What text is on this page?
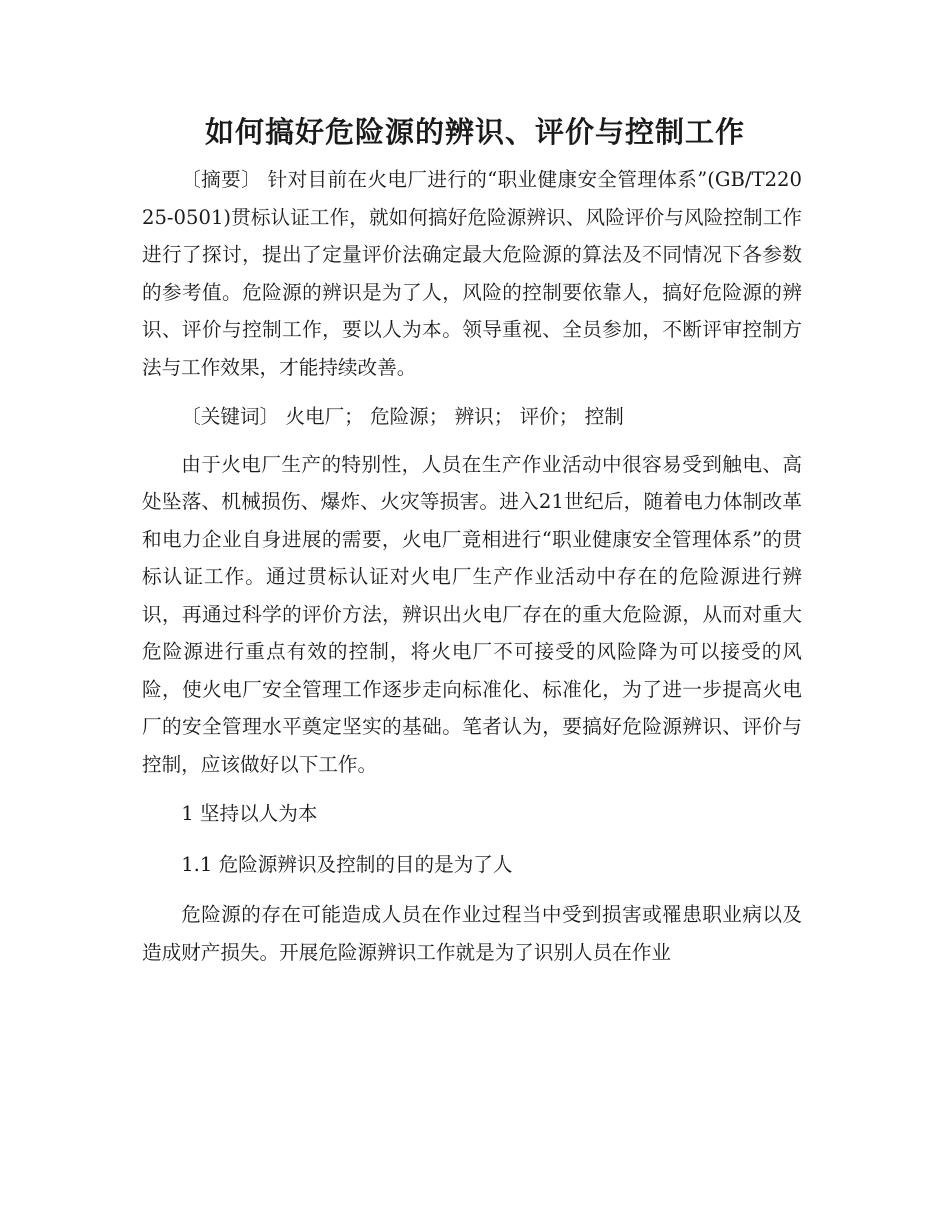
如何搞好危险源的辨识、评价与控制工作

〔摘要〕 针对目前在火电厂进行的“职业健康安全管理体系”(GB/T22025-0501)贯标认证工作，就如何搞好危险源辨识、风险评价与风险控制工作进行了探讨，提出了定量评价法确定最大危险源的算法及不同情况下各参数的参考值。危险源的辨识是为了人，风险的控制要依靠人，搞好危险源的辨识、评价与控制工作，要以人为本。领导重视、全员参加，不断评审控制方法与工作效果，才能持续改善。

〔关键词〕 火电厂； 危险源； 辨识； 评价； 控制

由于火电厂生产的特别性，人员在生产作业活动中很容易受到触电、高处坠落、机械损伤、爆炸、火灾等损害。进入21世纪后，随着电力体制改革和电力企业自身进展的需要，火电厂竟相进行“职业健康安全管理体系”的贯标认证工作。通过贯标认证对火电厂生产作业活动中存在的危险源进行辨识，再通过科学的评价方法，辨识出火电厂存在的重大危险源，从而对重大危险源进行重点有效的控制，将火电厂不可接受的风险降为可以接受的风险，使火电厂安全管理工作逐步走向标准化、标准化，为了进一步提高火电厂的安全管理水平奠定坚实的基础。笔者认为，要搞好危险源辨识、评价与控制，应该做好以下工作。

1 坚持以人为本

1.1 危险源辨识及控制的目的是为了人

危险源的存在可能造成人员在作业过程当中受到损害或罹患职业病以及造成财产损失。开展危险源辨识工作就是为了识别人员在作业
